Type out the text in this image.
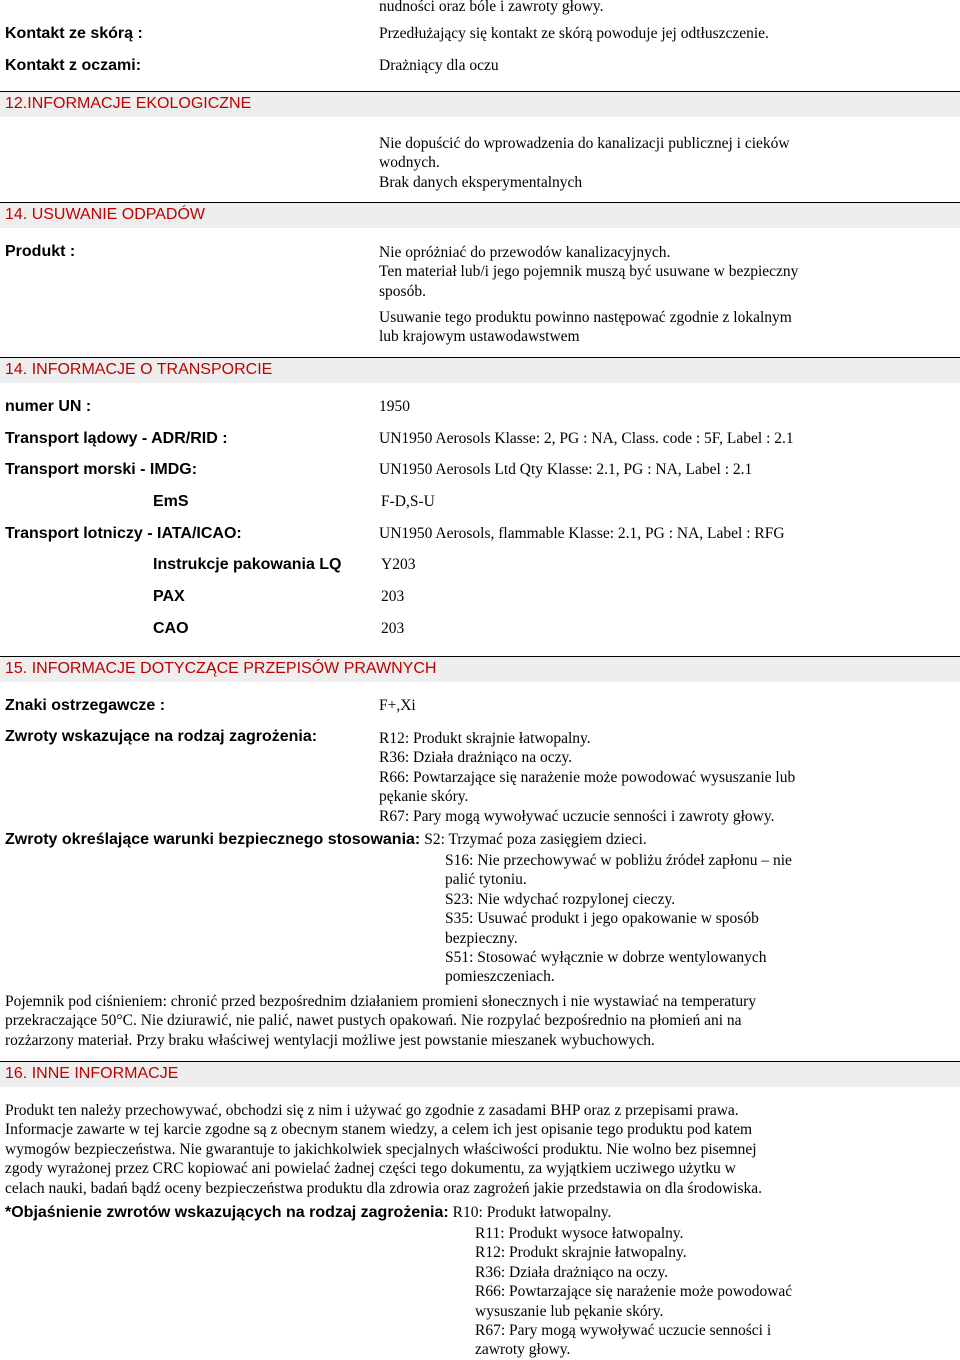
nudności oraz bóle i zawroty głowy.
Kontakt ze skórą :	Przedłużający się kontakt ze skórą powoduje jej odtłuszczenie.
Kontakt z oczami:	Drażniący dla oczu
12.INFORMACJE EKOLOGICZNE
Nie dopuścić do wprowadzenia do kanalizacji publicznej i cieków
wodnych.
Brak danych eksperymentalnych
14. USUWANIE ODPADÓW
Produkt :	Nie opróżniać do przewodów kanalizacyjnych.
Ten materiał lub/i jego pojemnik muszą być usuwane w bezpieczny
sposób.
Usuwanie tego produktu powinno następować zgodnie z lokalnym
lub krajowym ustawodawstwem
14. INFORMACJE O TRANSPORCIE
numer UN :	1950
Transport lądowy - ADR/RID :	UN1950 Aerosols Klasse: 2, PG : NA, Class. code : 5F, Label : 2.1
Transport morski - IMDG:	UN1950 Aerosols Ltd Qty Klasse: 2.1, PG : NA, Label : 2.1
EmS	F-D,S-U
Transport lotniczy - IATA/ICAO:	UN1950 Aerosols, flammable Klasse: 2.1, PG : NA, Label : RFG
Instrukcje pakowania LQ	Y203
PAX	203
CAO	203
15. INFORMACJE DOTYCZĄCE PRZEPISÓW PRAWNYCH
Znaki ostrzegawcze :	F+,Xi
Zwroty wskazujące na rodzaj zagrożenia:	R12: Produkt skrajnie łatwopalny.
R36: Działa drażniąco na oczy.
R66: Powtarzające się narażenie może powodować wysuszanie lub
pękanie skóry.
R67: Pary mogą wywoływać uczucie senności i zawroty głowy.
Zwroty określające warunki bezpiecznego stosowania: S2: Trzymać poza zasięgiem dzieci.
S16: Nie przechowywać w pobliżu źródeł zapłonu – nie
palić tytoniu.
S23: Nie wdychać rozpylonej cieczy.
S35: Usuwać produkt i jego opakowanie w sposób
bezpieczny.
S51: Stosować wyłącznie w dobrze wentylowanych
pomieszczeniach.
Pojemnik pod ciśnieniem: chronić przed bezpośrednim działaniem promieni słonecznych i nie wystawiać na temperatury
przekraczające 50°C. Nie dziurawić, nie palić, nawet pustych opakowań. Nie rozpylać bezpośrednio na płomień ani na
rozżarzony materiał. Przy braku właściwej wentylacji możliwe jest powstanie mieszanek wybuchowych.
16. INNE INFORMACJE
Produkt ten należy przechowywać, obchodzi się z nim i używać go zgodnie z zasadami BHP oraz z przepisami prawa.
Informacje zawarte w tej karcie zgodne są z obecnym stanem wiedzy, a celem ich jest opisanie tego produktu pod katem
wymogów bezpieczeństwa. Nie gwarantuje to jakichkolwiek specjalnych właściwości produktu. Nie wolno bez pisemnej
zgody wyrażonej przez CRC kopiować ani powielać żadnej części tego dokumentu, za wyjątkiem ucziwego użytku w
celach nauki, badań bądź oceny bezpieczeństwa produktu dla zdrowia oraz zagrożeń jakie przedstawia on dla środowiska.
*Objaśnienie zwrotów wskazujących na rodzaj zagrożenia: R10: Produkt łatwopalny.
R11: Produkt wysoce łatwopalny.
R12: Produkt skrajnie łatwopalny.
R36: Działa drażniąco na oczy.
R66: Powtarzające się narażenie może powodować
wysuszanie lub pękanie skóry.
R67: Pary mogą wywoływać uczucie senności i
zawroty głowy.
